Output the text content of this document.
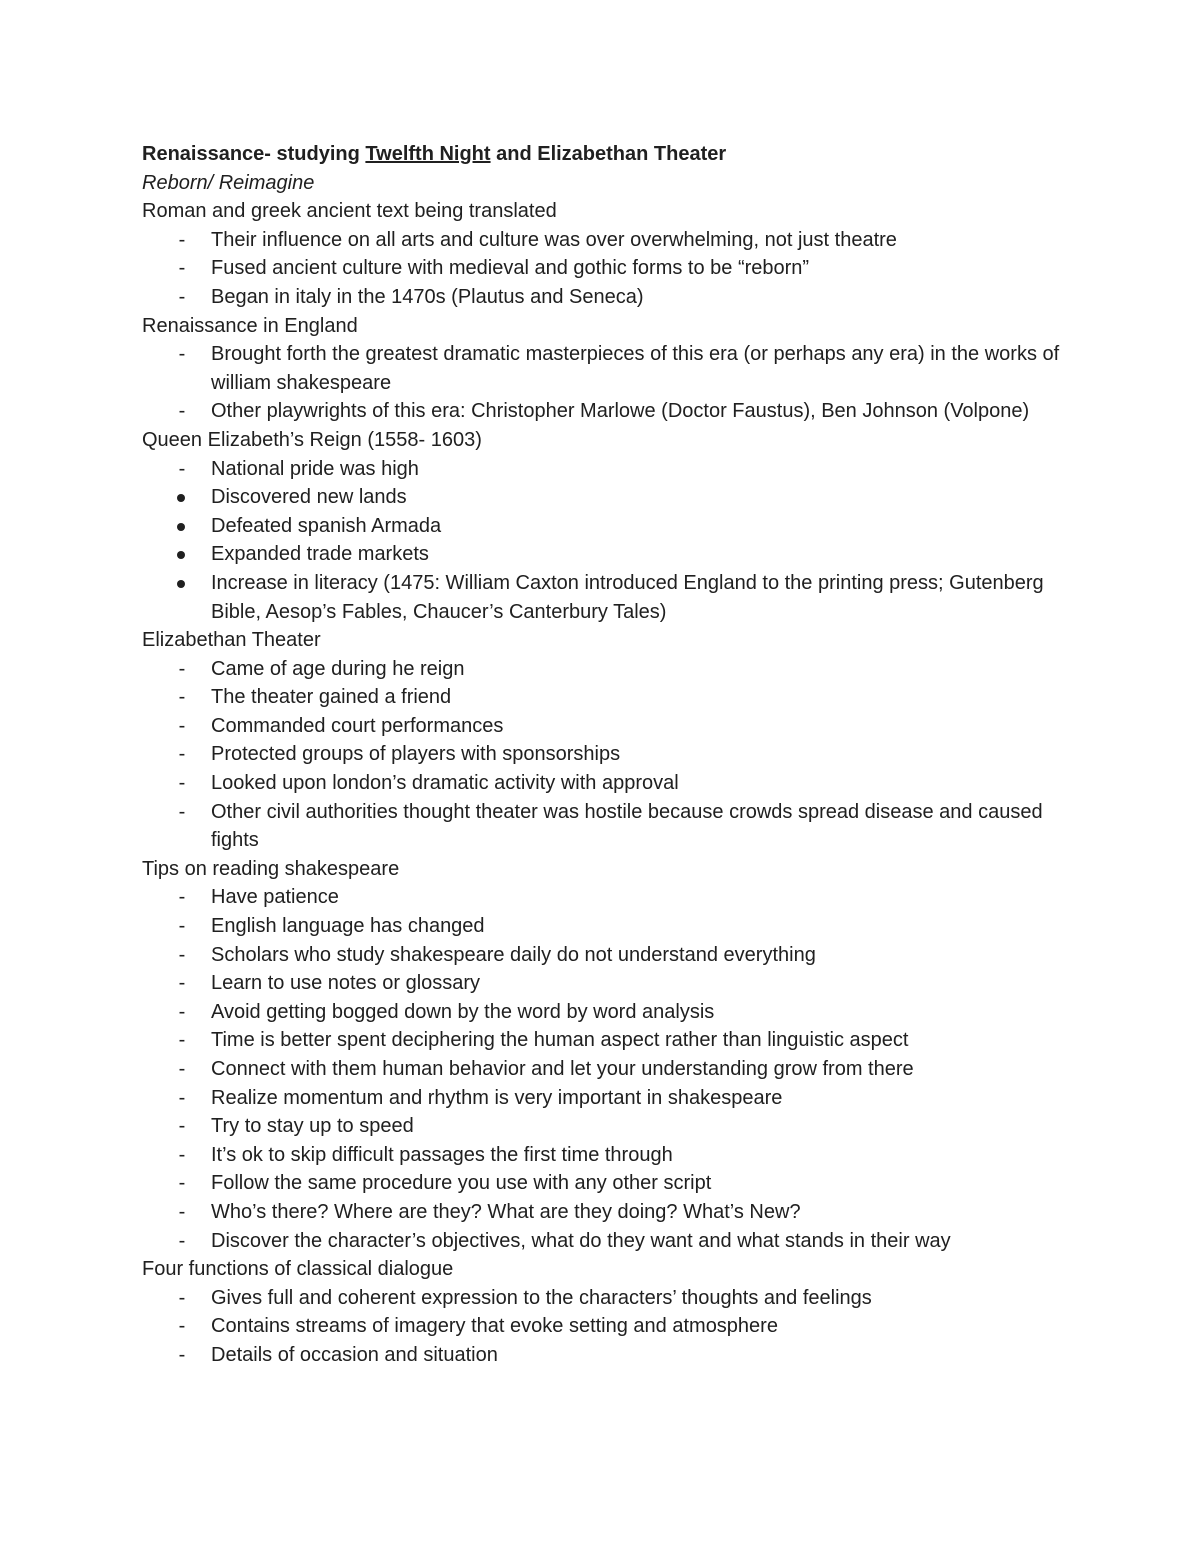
Renaissance- studying Twelfth Night and Elizabethan Theater

Reborn/ Reimagine

Roman and greek ancient text being translated

- Their influence on all arts and culture was over overwhelming, not just theatre
- Fused ancient culture with medieval and gothic forms to be “reborn”
- Began in italy in the 1470s (Plautus and Seneca)

Renaissance in England

- Brought forth the greatest dramatic masterpieces of this era (or perhaps any era) in the works of william shakespeare
- Other playwrights of this era: Christopher Marlowe (Doctor Faustus), Ben Johnson (Volpone)

Queen Elizabeth’s Reign (1558- 1603)

- National pride was high
Discovered new lands
Defeated spanish Armada
Expanded trade markets
Increase in literacy (1475: William Caxton introduced England to the printing press; Gutenberg Bible, Aesop’s Fables, Chaucer’s Canterbury Tales)

Elizabethan Theater

- Came of age during he reign
- The theater gained a friend
- Commanded court performances
- Protected groups of players with sponsorships
- Looked upon london’s dramatic activity with approval
- Other civil authorities thought theater was hostile because crowds spread disease and caused fights

Tips on reading shakespeare

- Have patience
- English language has changed
- Scholars who study shakespeare daily do not understand everything
- Learn to use notes or glossary
- Avoid getting bogged down by the word by word analysis
- Time is better spent deciphering the human aspect rather than linguistic aspect
- Connect with them human behavior and let your understanding grow from there
- Realize momentum and rhythm is very important in shakespeare
- Try to stay up to speed
- It’s ok to skip difficult passages the first time through
- Follow the same procedure you use with any other script
- Who’s there? Where are they? What are they doing? What’s New?
- Discover the character’s objectives, what do they want and what stands in their way

Four functions of classical dialogue

- Gives full and coherent expression to the characters’ thoughts and feelings
- Contains streams of imagery that evoke setting and atmosphere
- Details of occasion and situation
